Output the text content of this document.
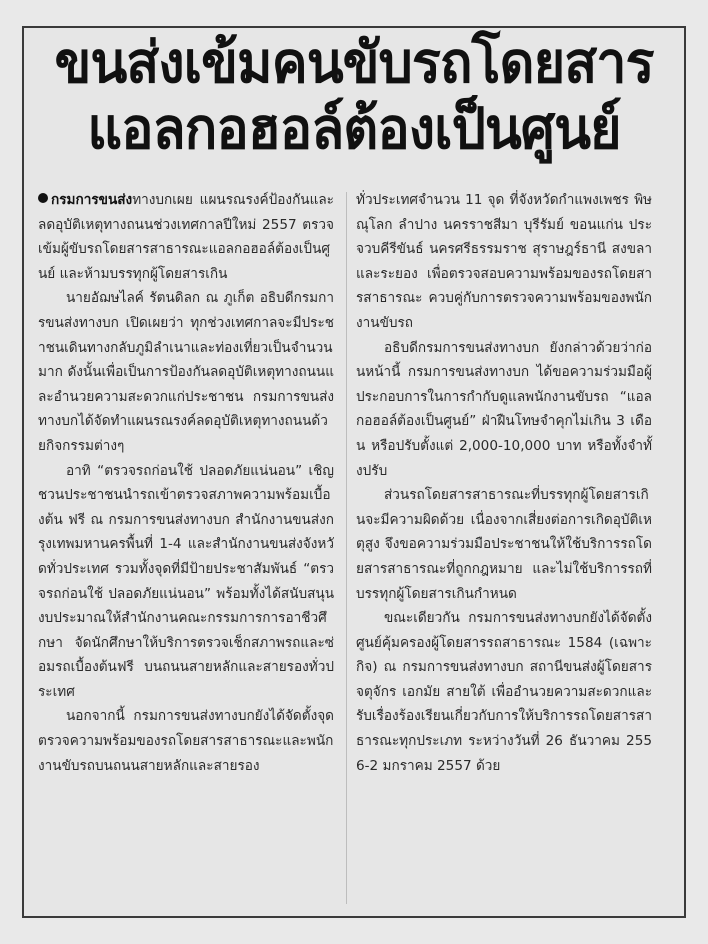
ขนส่งเข้มคนขับรถโดยสาร
แอลกอฮอล์ต้องเป็นศูนย์

กรมการขนส่งทางบกเผย แผนรณรงค์ป้องกันและลดอุบัติเหตุทางถนนช่วงเทศกาลปีใหม่ 2557 ตรวจเข้มผู้ขับรถโดยสารสาธารณะแอลกอฮอล์ต้องเป็นศูนย์ และห้ามบรรทุกผู้โดยสารเกิน

นายอัฌษไลค์ รัตนดิลก ณ ภูเก็ต อธิบดีกรมการขนส่งทางบก เปิดเผยว่า ทุกช่วงเทศกาลจะมีประชาชนเดินทางกลับภูมิลำเนาและท่องเที่ยวเป็นจำนวนมาก ดังนั้นเพื่อเป็นการป้องกันลดอุบัติเหตุทางถนนและอำนวยความสะดวกแก่ประชาชน กรมการขนส่งทางบกได้จัดทำแผนรณรงค์ลดอุบัติเหตุทางถนนด้วยกิจกรรมต่างๆ

อาทิ “ตรวจรถก่อนใช้ ปลอดภัยแน่นอน” เชิญชวนประชาชนนำรถเข้าตรวจสภาพความพร้อมเบื้องต้น ฟรี ณ กรมการขนส่งทางบก สำนักงานขนส่งกรุงเทพมหานครพื้นที่ 1-4 และสำนักงานขนส่งจังหวัดทั่วประเทศ รวมทั้งจุดที่มีป้ายประชาสัมพันธ์ “ตรวจรถก่อนใช้ ปลอดภัยแน่นอน” พร้อมทั้งได้สนับสนุนงบประมาณให้สำนักงานคณะกรรมการการอาชีวศึกษา จัดนักศึกษาให้บริการตรวจเช็กสภาพรถและซ่อมรถเบื้องต้นฟรี บนถนนสายหลักและสายรองทั่วประเทศ

นอกจากนี้ กรมการขนส่งทางบกยังได้จัดตั้งจุดตรวจความพร้อมของรถโดยสารสาธารณะและพนักงานขับรถบนถนนสายหลักและสายรอง

ทั่วประเทศจำนวน 11 จุด ที่จังหวัดกำแพงเพชร พิษณุโลก ลำปาง นครราชสีมา บุรีรัมย์ ขอนแก่น ประจวบคีรีขันธ์ นครศรีธรรมราช สุราษฎร์ธานี สงขลา และระยอง เพื่อตรวจสอบความพร้อมของรถโดยสารสาธารณะ ควบคู่กับการตรวจความพร้อมของพนักงานขับรถ

อธิบดีกรมการขนส่งทางบก ยังกล่าวด้วยว่าก่อนหน้านี้ กรมการขนส่งทางบก ได้ขอความร่วมมือผู้ประกอบการในการกำกับดูแลพนักงานขับรถ “แอลกอฮอล์ต้องเป็นศูนย์” ฝ่าฝืนโทษจำคุกไม่เกิน 3 เดือน หรือปรับตั้งแต่ 2,000-10,000 บาท หรือทั้งจำทั้งปรับ

ส่วนรถโดยสารสาธารณะที่บรรทุกผู้โดยสารเกินจะมีความผิดด้วย เนื่องจากเสี่ยงต่อการเกิดอุบัติเหตุสูง จึงขอความร่วมมือประชาชนให้ใช้บริการรถโดยสารสาธารณะที่ถูกกฎหมาย และไม่ใช้บริการรถที่บรรทุกผู้โดยสารเกินกำหนด

ขณะเดียวกัน กรมการขนส่งทางบกยังได้จัดตั้งศูนย์คุ้มครองผู้โดยสารรถสาธารณะ 1584 (เฉพาะกิจ) ณ กรมการขนส่งทางบก สถานีขนส่งผู้โดยสารจตุจักร เอกมัย สายใต้ เพื่ออำนวยความสะดวกและรับเรื่องร้องเรียนเกี่ยวกับการให้บริการรถโดยสารสาธารณะทุกประเภท ระหว่างวันที่ 26 ธันวาคม 2556-2 มกราคม 2557 ด้วย
